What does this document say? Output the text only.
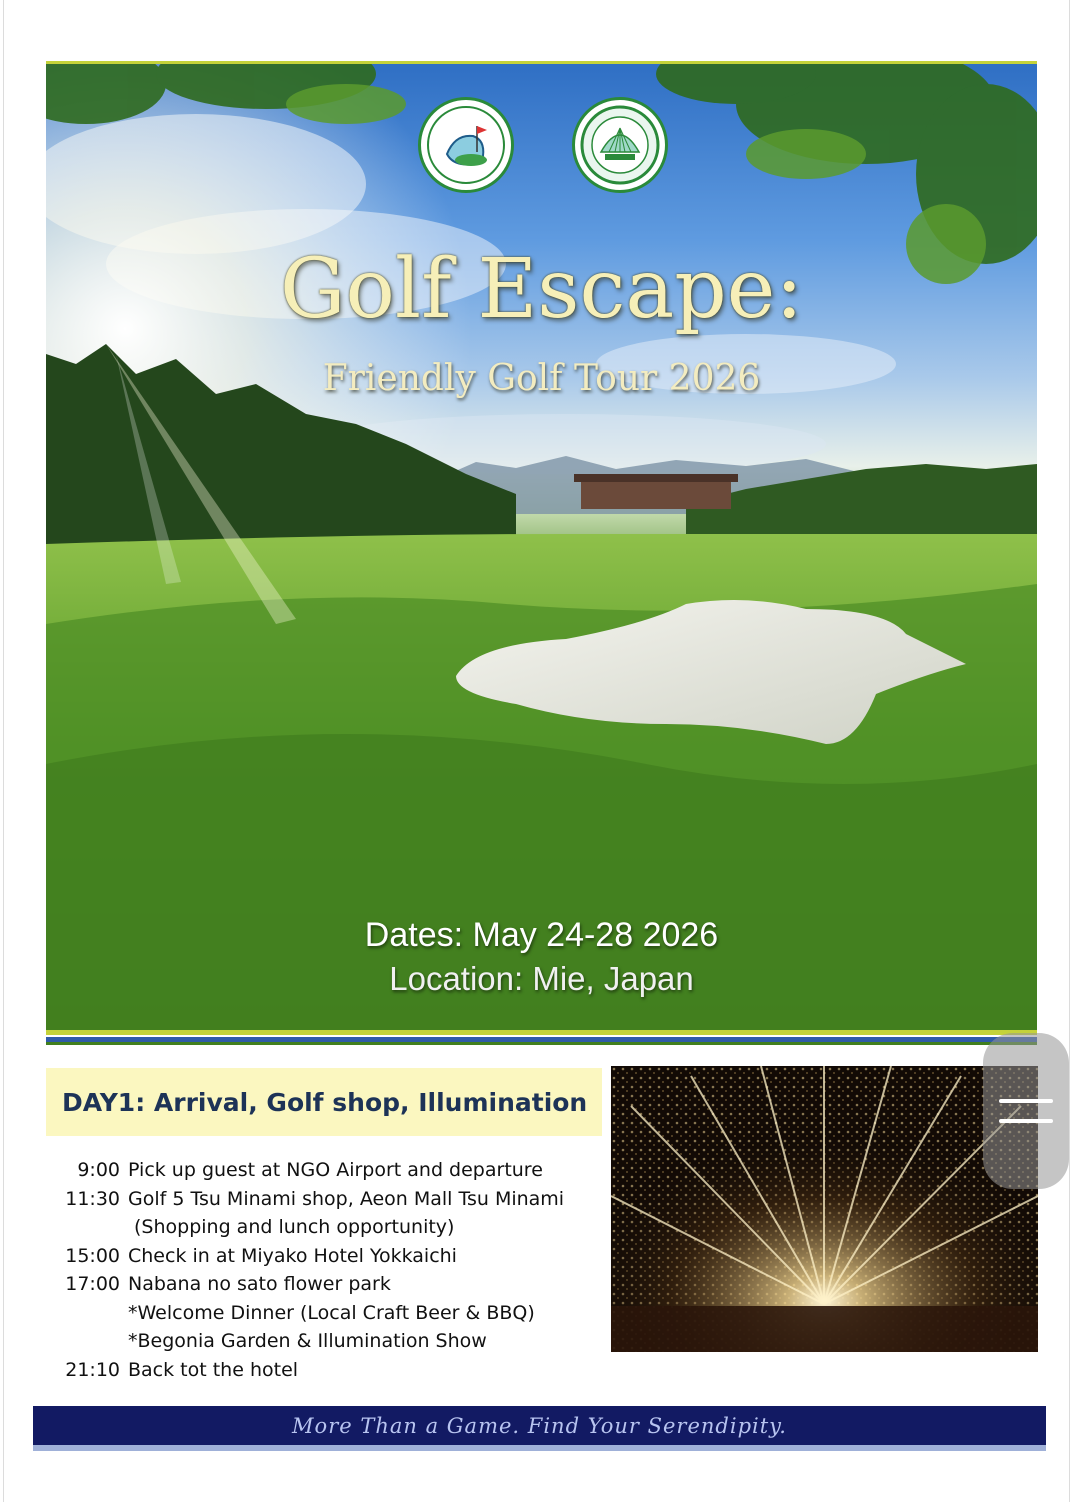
Golf Escape:
Friendly Golf Tour 2026
Dates: May 24-28 2026
Location: Mie, Japan
DAY1: Arrival, Golf shop, Illumination
9:00 Pick up guest at NGO Airport and departure
11:30 Golf 5 Tsu Minami shop, Aeon Mall Tsu Minami
(Shopping and lunch opportunity)
15:00 Check in at Miyako Hotel Yokkaichi
17:00 Nabana no sato flower park
*Welcome Dinner (Local Craft Beer & BBQ)
*Begonia Garden & Illumination Show
21:10 Back tot the hotel
More Than a Game. Find Your Serendipity.
